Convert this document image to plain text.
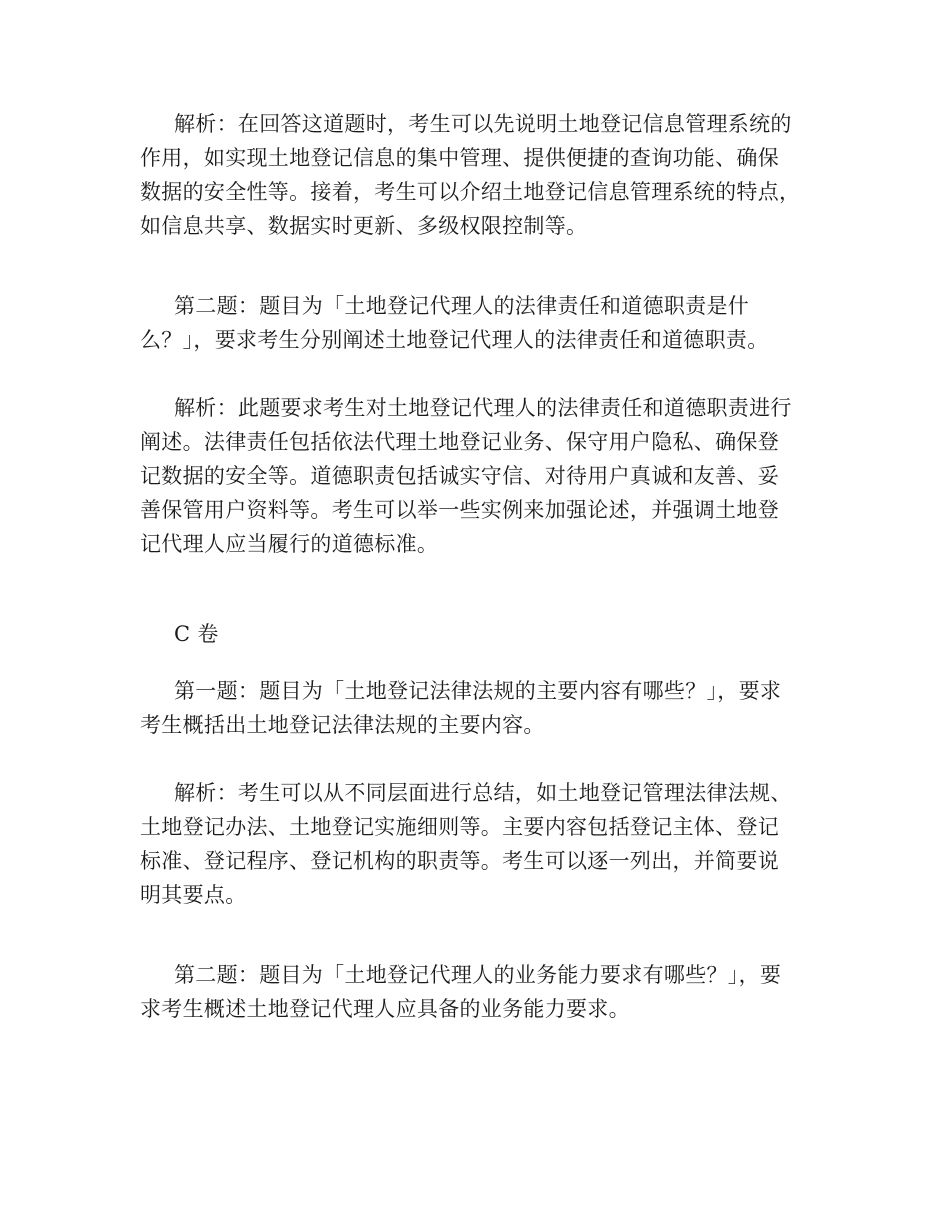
解析：在回答这道题时，考生可以先说明土地登记信息管理系统的
作用，如实现土地登记信息的集中管理、提供便捷的查询功能、确保
数据的安全性等。接着，考生可以介绍土地登记信息管理系统的特点，
如信息共享、数据实时更新、多级权限控制等。
第二题：题目为「土地登记代理人的法律责任和道德职责是什
么？」，要求考生分别阐述土地登记代理人的法律责任和道德职责。
解析：此题要求考生对土地登记代理人的法律责任和道德职责进行
阐述。法律责任包括依法代理土地登记业务、保守用户隐私、确保登
记数据的安全等。道德职责包括诚实守信、对待用户真诚和友善、妥
善保管用户资料等。考生可以举一些实例来加强论述，并强调土地登
记代理人应当履行的道德标准。
C 卷
第一题：题目为「土地登记法律法规的主要内容有哪些？」，要求
考生概括出土地登记法律法规的主要内容。
解析：考生可以从不同层面进行总结，如土地登记管理法律法规、
土地登记办法、土地登记实施细则等。主要内容包括登记主体、登记
标准、登记程序、登记机构的职责等。考生可以逐一列出，并简要说
明其要点。
第二题：题目为「土地登记代理人的业务能力要求有哪些？」，要
求考生概述土地登记代理人应具备的业务能力要求。
